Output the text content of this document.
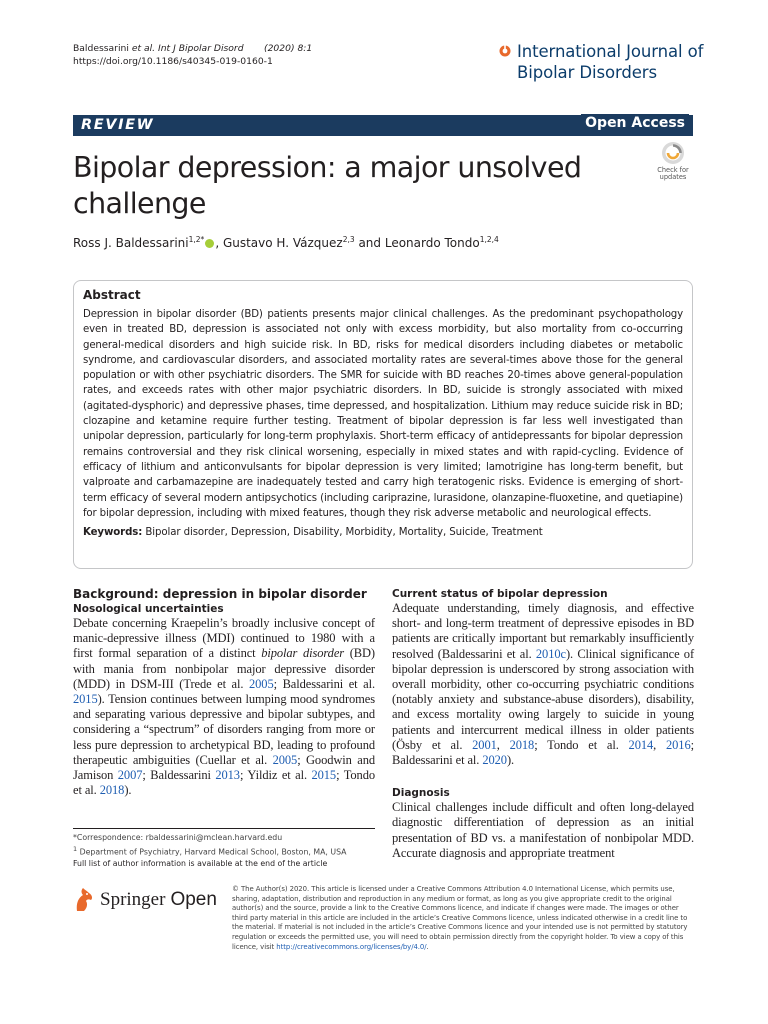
Baldessarini et al. Int J Bipolar Disord (2020) 8:1
https://doi.org/10.1186/s40345-019-0160-1
International Journal of
Bipolar Disorders
REVIEW	Open Access
Check for
updates
Bipolar depression: a major unsolved challenge
Ross J. Baldessarini$^{1,2*}$ , Gustavo H. Vázquez$^{2,3}$ and Leonardo Tondo$^{1,2,4}$
Abstract

Depression in bipolar disorder (BD) patients presents major clinical challenges. As the predominant psychopathology even in treated BD, depression is associated not only with excess morbidity, but also mortality from co-occurring general-medical disorders and high suicide risk. In BD, risks for medical disorders including diabetes or metabolic syndrome, and cardiovascular disorders, and associated mortality rates are several-times above those for the general population or with other psychiatric disorders. The SMR for suicide with BD reaches 20-times above general-population rates, and exceeds rates with other major psychiatric disorders. In BD, suicide is strongly associated with mixed (agitated-dysphoric) and depressive phases, time depressed, and hospitalization. Lithium may reduce suicide risk in BD; clozapine and ketamine require further testing. Treatment of bipolar depression is far less well investigated than unipolar depression, particularly for long-term prophylaxis. Short-term efficacy of antidepressants for bipolar depression remains controversial and they risk clinical worsening, especially in mixed states and with rapid-cycling. Evidence of efficacy of lithium and anticonvulsants for bipolar depression is very limited; lamotrigine has long-term benefit, but valproate and carbamazepine are inadequately tested and carry high teratogenic risks. Evidence is emerging of short-term efficacy of several modern antipsychotics (including cariprazine, lurasidone, olanzapine-fluoxetine, and quetiapine) for bipolar depression, including with mixed features, though they risk adverse metabolic and neurological effects.

Keywords: Bipolar disorder, Depression, Disability, Morbidity, Mortality, Suicide, Treatment
Background: depression in bipolar disorder
Nosological uncertainties

Debate concerning Kraepelin’s broadly inclusive concept of manic-depressive illness (MDI) continued to 1980 with a first formal separation of a distinct bipolar disorder (BD) with mania from nonbipolar major depressive disorder (MDD) in DSM-III (Trede et al. 2005; Baldessarini et al. 2015). Tension continues between lumping mood syndromes and separating various depressive and bipolar subtypes, and considering a “spectrum” of disorders ranging from more or less pure depression to archetypical BD, leading to profound therapeutic ambiguities (Cuellar et al. 2005; Goodwin and Jamison 2007; Baldessarini 2013; Yildiz et al. 2015; Tondo et al. 2018).

Current status of bipolar depression

Adequate understanding, timely diagnosis, and effective short- and long-term treatment of depressive episodes in BD patients are critically important but remarkably insufficiently resolved (Baldessarini et al. 2010c). Clinical significance of bipolar depression is underscored by strong association with overall morbidity, other co-occurring psychiatric conditions (notably anxiety and substance-abuse disorders), disability, and excess mortality owing largely to suicide in young patients and intercurrent medical illness in older patients (Ösby et al. 2001, 2018; Tondo et al. 2014, 2016; Baldessarini et al. 2020).

Diagnosis

Clinical challenges include difficult and often long-delayed diagnostic differentiation of depression as an initial presentation of BD vs. a manifestation of nonbipolar MDD. Accurate diagnosis and appropriate treatment

*Correspondence: rbaldessarini@mclean.harvard.edu
$^1$ Department of Psychiatry, Harvard Medical School, Boston, MA, USA
Full list of author information is available at the end of the article
Springer Open © The Author(s) 2020. This article is licensed under a Creative Commons Attribution 4.0 International License, which permits use, sharing, adaptation, distribution and reproduction in any medium or format, as long as you give appropriate credit to the original author(s) and the source, provide a link to the Creative Commons licence, and indicate if changes were made. The images or other third party material in this article are included in the article’s Creative Commons licence, unless indicated otherwise in a credit line to the material. If material is not included in the article’s Creative Commons licence and your intended use is not permitted by statutory regulation or exceeds the permitted use, you will need to obtain permission directly from the copyright holder. To view a copy of this licence, visit http://creativecommons.org/licenses/by/4.0/.
